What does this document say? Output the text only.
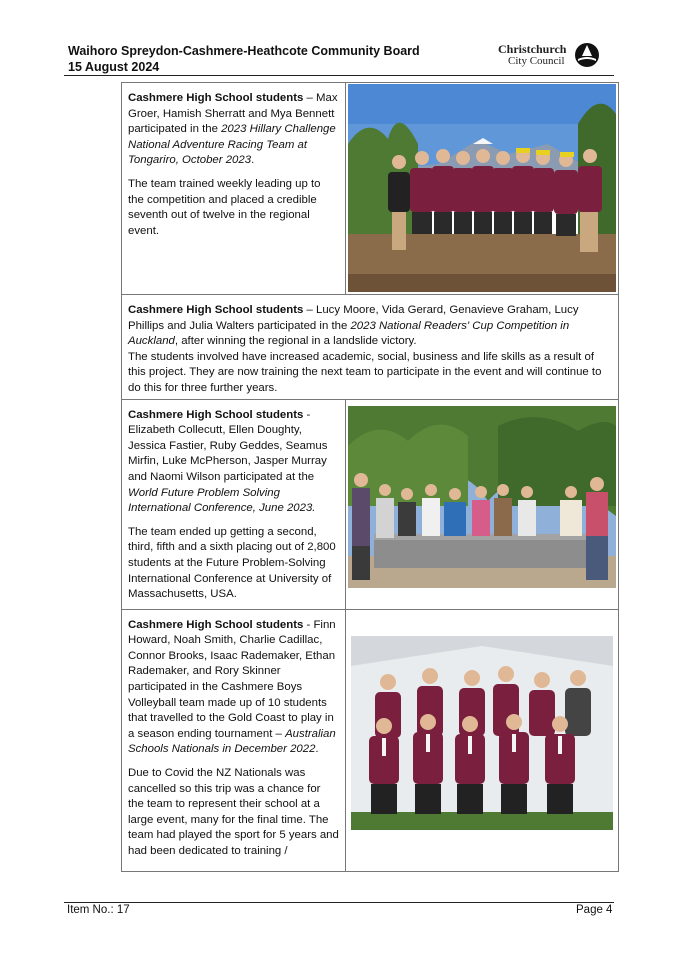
Waihoro Spreydon-Cashmere-Heathcote Community Board
15 August 2024
Christchurch
City Council

Cashmere High School students – Max Groer, Hamish Sherratt and Mya Bennett participated in the 2023 Hillary Challenge National Adventure Racing Team at Tongariro, October 2023.

The team trained weekly leading up to the competition and placed a credible seventh out of twelve in the regional event.

Cashmere High School students – Lucy Moore, Vida Gerard, Genavieve Graham, Lucy Phillips and Julia Walters participated in the 2023 National Readers' Cup Competition in Auckland, after winning the regional in a landslide victory.
The students involved have increased academic, social, business and life skills as a result of this project. They are now training the next team to participate in the event and will continue to do this for three further years.	

Cashmere High School students - Elizabeth Collecutt, Ellen Doughty, Jessica Fastier, Ruby Geddes, Seamus Mirfin, Luke McPherson, Jasper Murray and Naomi Wilson participated at the World Future Problem Solving International Conference, June 2023.

The team ended up getting a second, third, fifth and a sixth placing out of 2,800 students at the Future Problem-Solving International Conference at University of Massachusetts, USA.

Cashmere High School students - Finn Howard, Noah Smith, Charlie Cadillac, Connor Brooks, Isaac Rademaker, Ethan Rademaker, and Rory Skinner participated in the Cashmere Boys Volleyball team made up of 10 students that travelled to the Gold Coast to play in a season ending tournament – Australian Schools Nationals in December 2022.

Due to Covid the NZ Nationals was cancelled so this trip was a chance for the team to represent their school at a large event, many for the final time. The team had played the sport for 5 years and had been dedicated to training /

Item No.: 17	Page 4
